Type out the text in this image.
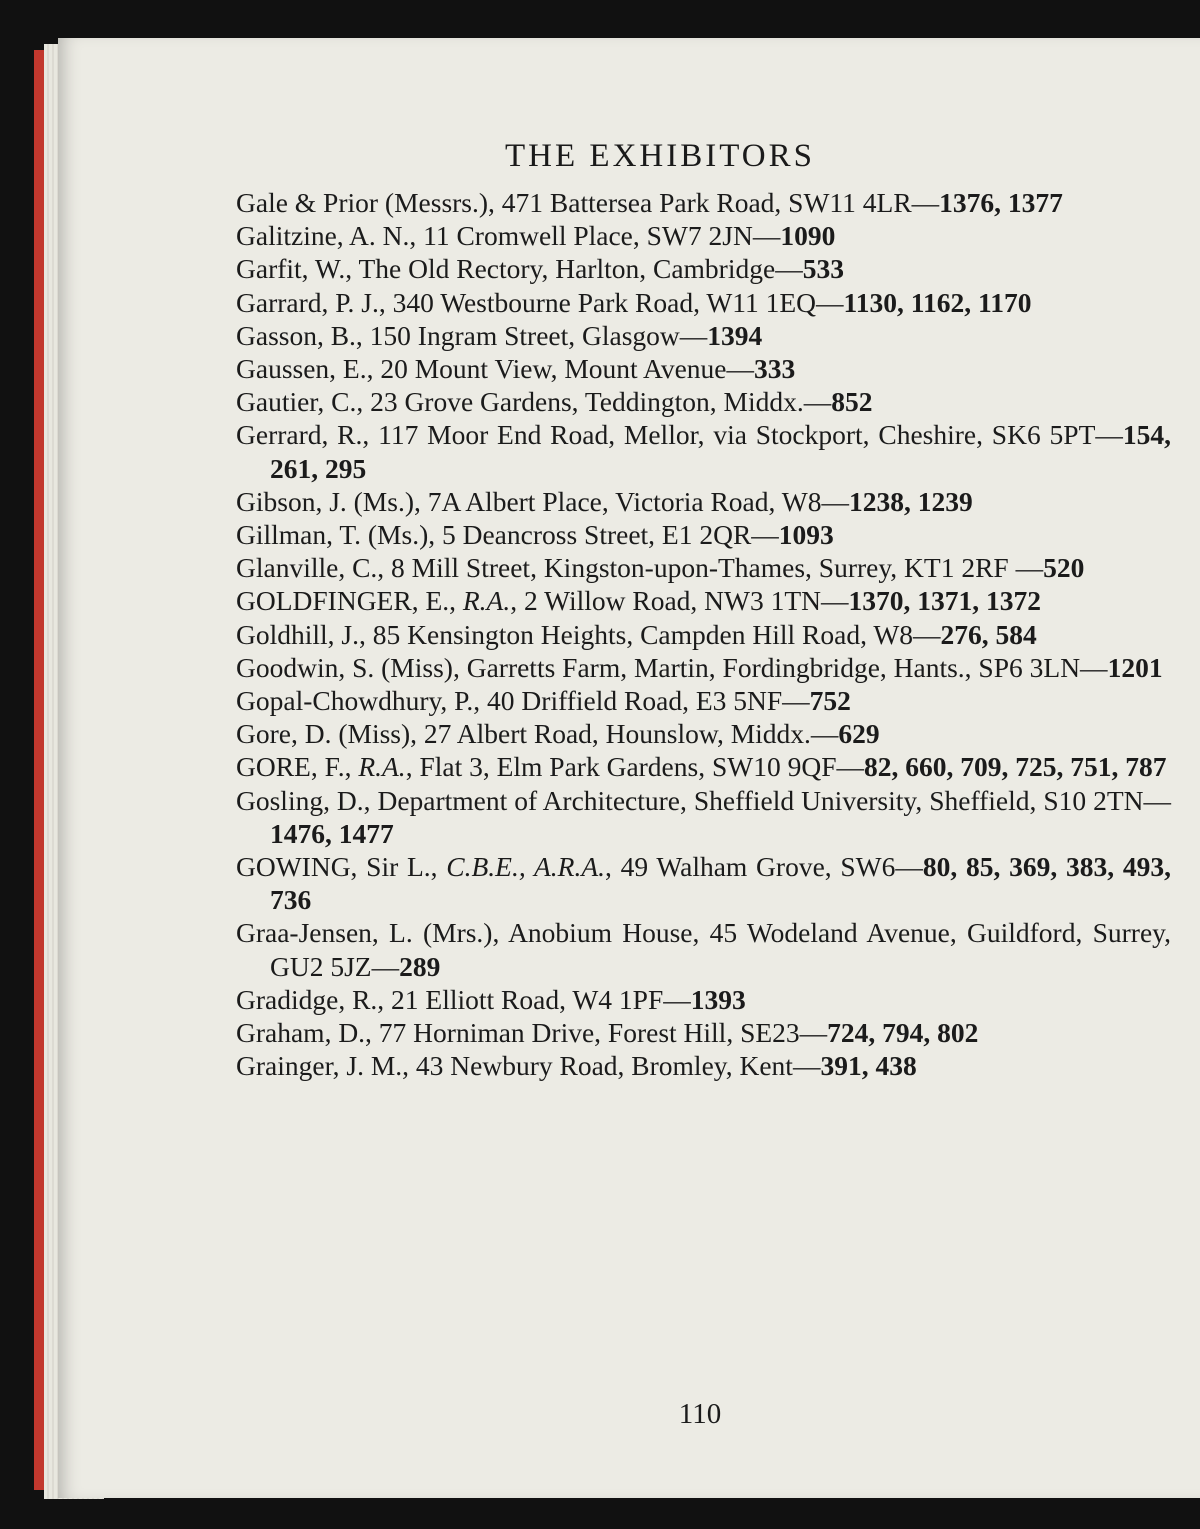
THE EXHIBITORS
Gale & Prior (Messrs.), 471 Battersea Park Road, SW11 4LR—1376, 1377
Galitzine, A. N., 11 Cromwell Place, SW7 2JN—1090
Garfit, W., The Old Rectory, Harlton, Cambridge—533
Garrard, P. J., 340 Westbourne Park Road, W11 1EQ—1130, 1162, 1170
Gasson, B., 150 Ingram Street, Glasgow—1394
Gaussen, E., 20 Mount View, Mount Avenue—333
Gautier, C., 23 Grove Gardens, Teddington, Middx.—852
Gerrard, R., 117 Moor End Road, Mellor, via Stockport, Cheshire, SK6 5PT—154, 261, 295
Gibson, J. (Ms.), 7A Albert Place, Victoria Road, W8—1238, 1239
Gillman, T. (Ms.), 5 Deancross Street, E1 2QR—1093
Glanville, C., 8 Mill Street, Kingston-upon-Thames, Surrey, KT1 2RF —520
GOLDFINGER, E., R.A., 2 Willow Road, NW3 1TN—1370, 1371, 1372
Goldhill, J., 85 Kensington Heights, Campden Hill Road, W8—276, 584
Goodwin, S. (Miss), Garretts Farm, Martin, Fordingbridge, Hants., SP6 3LN—1201
Gopal-Chowdhury, P., 40 Driffield Road, E3 5NF—752
Gore, D. (Miss), 27 Albert Road, Hounslow, Middx.—629
GORE, F., R.A., Flat 3, Elm Park Gardens, SW10 9QF—82, 660, 709, 725, 751, 787
Gosling, D., Department of Architecture, Sheffield University, Sheffield, S10 2TN—1476, 1477
GOWING, Sir L., C.B.E., A.R.A., 49 Walham Grove, SW6—80, 85, 369, 383, 493, 736
Graa-Jensen, L. (Mrs.), Anobium House, 45 Wodeland Avenue, Guildford, Surrey, GU2 5JZ—289
Gradidge, R., 21 Elliott Road, W4 1PF—1393
Graham, D., 77 Horniman Drive, Forest Hill, SE23—724, 794, 802
Grainger, J. M., 43 Newbury Road, Bromley, Kent—391, 438
110
